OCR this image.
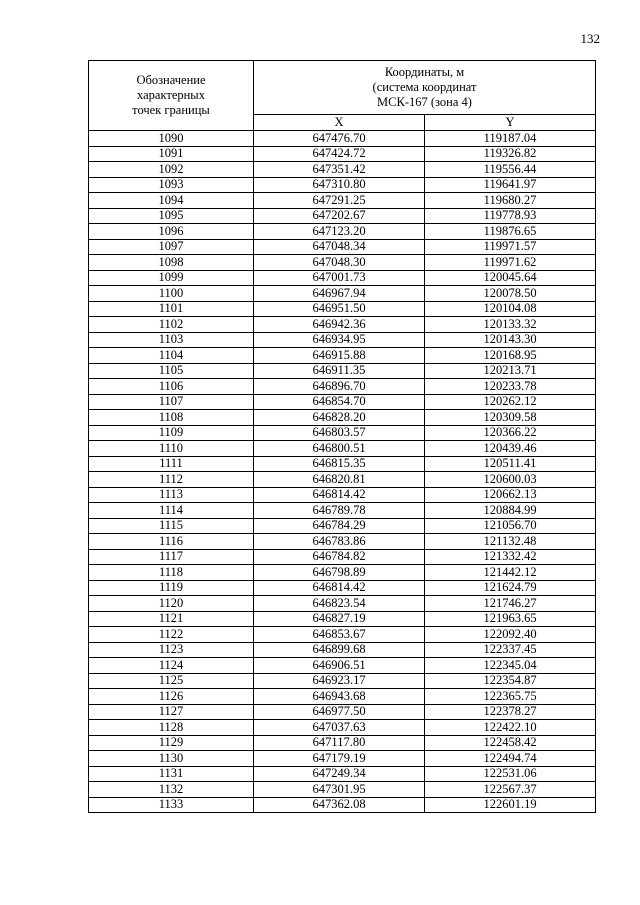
132
Обозначение
характерных
точек границы	Координаты, м
(система координат
МСК-167 (зона 4)	

	X	Y
1090	647476.70	119187.04
1091	647424.72	119326.82
1092	647351.42	119556.44
1093	647310.80	119641.97
1094	647291.25	119680.27
1095	647202.67	119778.93
1096	647123.20	119876.65
1097	647048.34	119971.57
1098	647048.30	119971.62
1099	647001.73	120045.64
1100	646967.94	120078.50
1101	646951.50	120104.08
1102	646942.36	120133.32
1103	646934.95	120143.30
1104	646915.88	120168.95
1105	646911.35	120213.71
1106	646896.70	120233.78
1107	646854.70	120262.12
1108	646828.20	120309.58
1109	646803.57	120366.22
1110	646800.51	120439.46
1111	646815.35	120511.41
1112	646820.81	120600.03
1113	646814.42	120662.13
1114	646789.78	120884.99
1115	646784.29	121056.70
1116	646783.86	121132.48
1117	646784.82	121332.42
1118	646798.89	121442.12
1119	646814.42	121624.79
1120	646823.54	121746.27
1121	646827.19	121963.65
1122	646853.67	122092.40
1123	646899.68	122337.45
1124	646906.51	122345.04
1125	646923.17	122354.87
1126	646943.68	122365.75
1127	646977.50	122378.27
1128	647037.63	122422.10
1129	647117.80	122458.42
1130	647179.19	122494.74
1131	647249.34	122531.06
1132	647301.95	122567.37
1133	647362.08	122601.19
